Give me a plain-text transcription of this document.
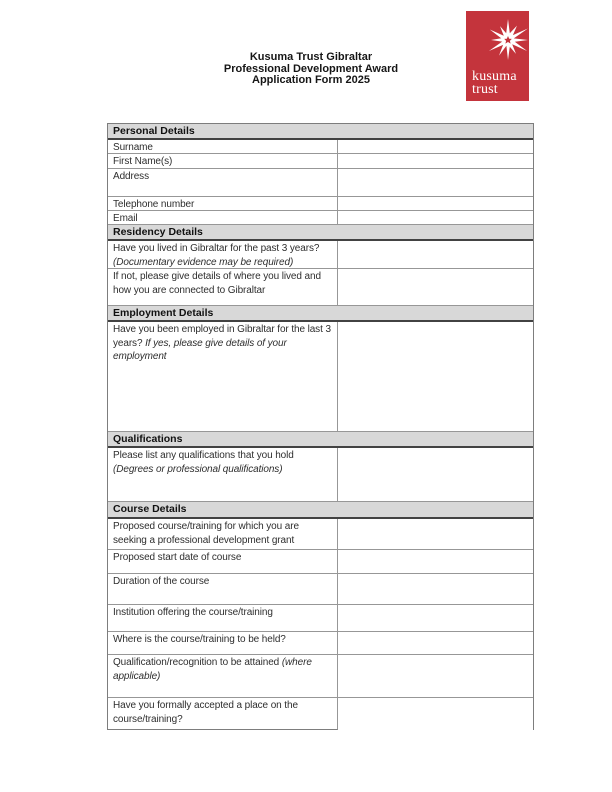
Kusuma Trust Gibraltar
Professional Development Award
Application Form 2025	kusuma
trust
Personal Details
Surname
First Name(s)
Address
Telephone number
Email
Residency Details
Have you lived in Gibraltar for the past 3 years? (Documentary evidence may be required)
If not, please give details of where you lived and how you are connected to Gibraltar
Employment Details
Have you been employed in Gibraltar for the last 3 years? If yes, please give details of your employment
Qualifications
Please list any qualifications that you hold (Degrees or professional qualifications)
Course Details
Proposed course/training for which you are seeking a professional development grant
Proposed start date of course
Duration of the course
Institution offering the course/training
Where is the course/training to be held?
Qualification/recognition to be attained (where applicable)
Have you formally accepted a place on the course/training?
